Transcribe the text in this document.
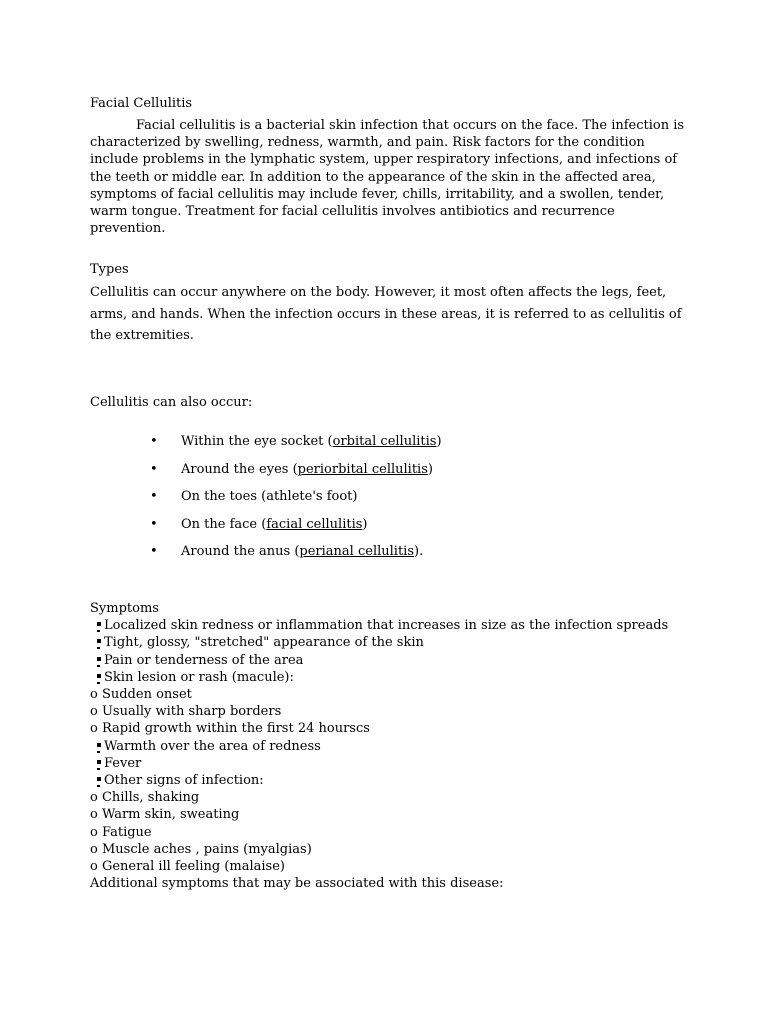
Facial Cellulitis
Facial cellulitis is a bacterial skin infection that occurs on the face. The infection is characterized by swelling, redness, warmth, and pain. Risk factors for the condition include problems in the lymphatic system, upper respiratory infections, and infections of the teeth or middle ear. In addition to the appearance of the skin in the affected area, symptoms of facial cellulitis may include fever, chills, irritability, and a swollen, tender, warm tongue. Treatment for facial cellulitis involves antibiotics and recurrence prevention.
Types
Cellulitis can occur anywhere on the body. However, it most often affects the legs, feet, arms, and hands. When the infection occurs in these areas, it is referred to as cellulitis of the extremities.
Cellulitis can also occur:
• Within the eye socket (orbital cellulitis)
• Around the eyes (periorbital cellulitis)
• On the toes (athlete's foot)
• On the face (facial cellulitis)
• Around the anus (perianal cellulitis).
Symptoms
Localized skin redness or inflammation that increases in size as the infection spreads
Tight, glossy, "stretched" appearance of the skin
Pain or tenderness of the area
Skin lesion or rash (macule):
o Sudden onset
o Usually with sharp borders
o Rapid growth within the first 24 hourscs
Warmth over the area of redness
Fever
Other signs of infection:
o Chills, shaking
o Warm skin, sweating
o Fatigue
o Muscle aches , pains (myalgias)
o General ill feeling (malaise)
Additional symptoms that may be associated with this disease:
